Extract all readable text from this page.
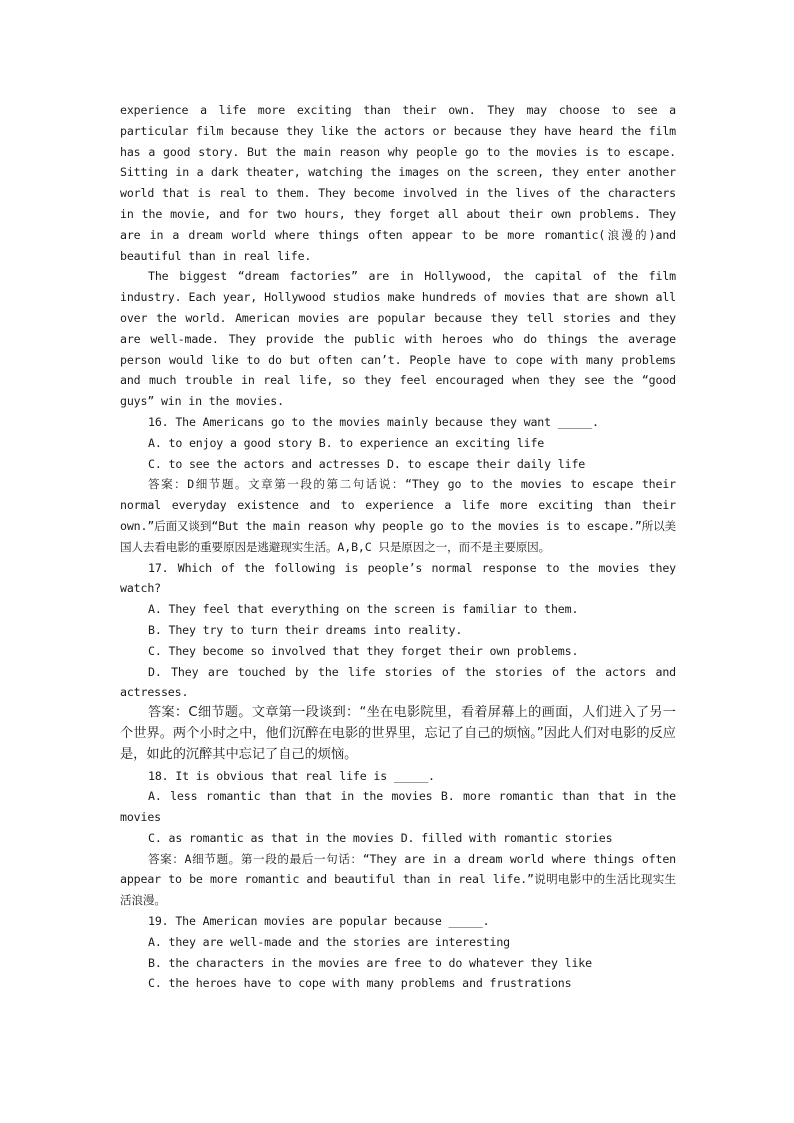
experience a life more exciting than their own. They may choose to see a particular film because they like the actors or because they have heard the film has a good story. But the main reason why people go to the movies is to escape. Sitting in a dark theater, watching the images on the screen, they enter another world that is real to them. They become involved in the lives of the characters in the movie, and for two hours, they forget all about their own problems. They are in a dream world where things often appear to be more romantic(浪漫的)and beautiful than in real life.

The biggest “dream factories” are in Hollywood, the capital of the film industry. Each year, Hollywood studios make hundreds of movies that are shown all over the world. American movies are popular because they tell stories and they are well-made. They provide the public with heroes who do things the average person would like to do but often can’t. People have to cope with many problems and much trouble in real life, so they feel encouraged when they see the “good guys” win in the movies.

16. The Americans go to the movies mainly because they want _____.

A. to enjoy a good story B. to experience an exciting life

C. to see the actors and actresses D. to escape their daily life

答案：D细节题。文章第一段的第二句话说：“They go to the movies to escape their normal everyday existence and to experience a life more exciting than their own.”后面又谈到“But the main reason why people go to the movies is to escape.”所以美国人去看电影的重要原因是逃避现实生活。A,B,C 只是原因之一，而不是主要原因。

17. Which of the following is people’s normal response to the movies they watch?

A. They feel that everything on the screen is familiar to them.

B. They try to turn their dreams into reality.

C. They become so involved that they forget their own problems.

D. They are touched by the life stories of the stories of the actors and actresses.

答案：C细节题。文章第一段谈到：“坐在电影院里，看着屏幕上的画面，人们进入了另一个世界。两个小时之中，他们沉醉在电影的世界里，忘记了自己的烦恼。”因此人们对电影的反应是，如此的沉醉其中忘记了自己的烦恼。

18. It is obvious that real life is _____.

A. less romantic than that in the movies B. more romantic than that in the movies

C. as romantic as that in the movies D. filled with romantic stories

答案：A细节题。第一段的最后一句话：“They are in a dream world where things often appear to be more romantic and beautiful than in real life.”说明电影中的生活比现实生活浪漫。

19. The American movies are popular because _____.

A. they are well-made and the stories are interesting

B. the characters in the movies are free to do whatever they like

C. the heroes have to cope with many problems and frustrations
